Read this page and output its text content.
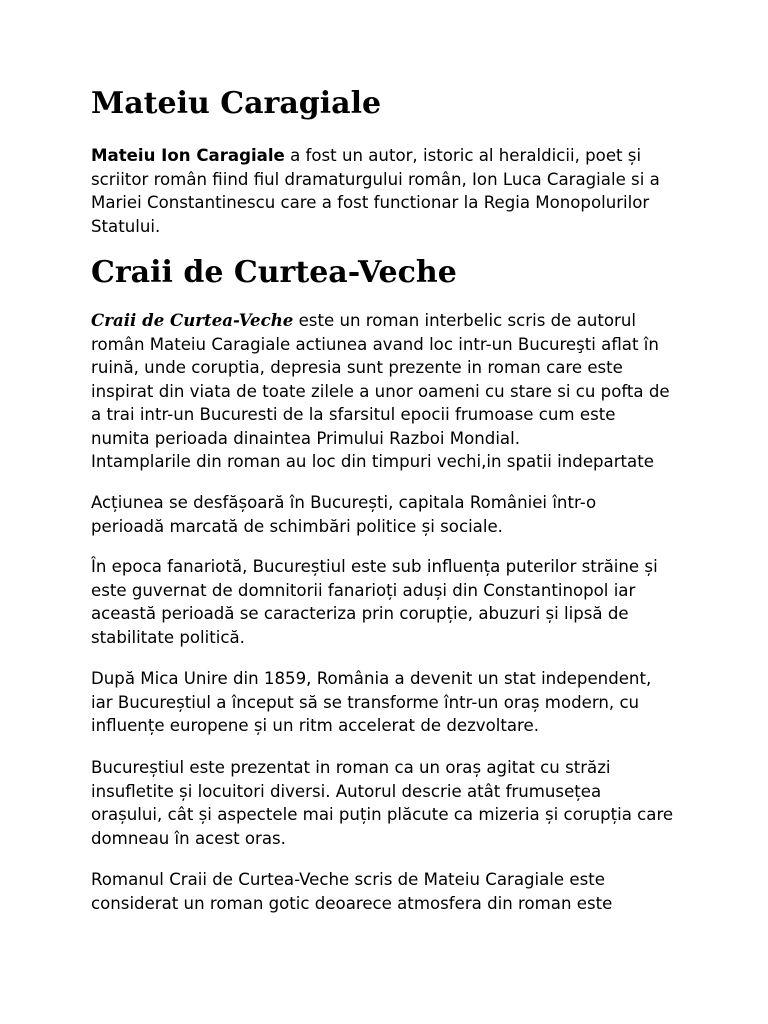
Mateiu Caragiale

Mateiu Ion Caragiale a fost un autor, istoric al heraldicii, poet și
scriitor român fiind fiul dramaturgului român, Ion Luca Caragiale si a
Mariei Constantinescu care a fost functionar la Regia Monopolurilor
Statului.

Craii de Curtea-Veche

Craii de Curtea-Veche este un roman interbelic scris de autorul
român Mateiu Caragiale actiunea avand loc intr-un Bucureşti aflat în
ruină, unde coruptia, depresia sunt prezente in roman care este
inspirat din viata de toate zilele a unor oameni cu stare si cu pofta de
a trai intr-un Bucuresti de la sfarsitul epocii frumoase cum este
numita perioada dinaintea Primului Razboi Mondial.
Intamplarile din roman au loc din timpuri vechi,in spatii indepartate

Acțiunea se desfășoară în București, capitala României într-o
perioadă marcată de schimbări politice și sociale.

În epoca fanariotă, Bucureștiul este sub influența puterilor străine și
este guvernat de domnitorii fanarioți aduși din Constantinopol iar
această perioadă se caracteriza prin corupție, abuzuri și lipsă de
stabilitate politică.

După Mica Unire din 1859, România a devenit un stat independent,
iar Bucureștiul a început să se transforme într-un oraș modern, cu
influențe europene și un ritm accelerat de dezvoltare.

Bucureștiul este prezentat in roman ca un oraș agitat cu străzi
insufletite și locuitori diversi. Autorul descrie atât frumusețea
orașului, cât și aspectele mai puțin plăcute ca mizeria și corupția care
domneau în acest oras.

Romanul Craii de Curtea-Veche scris de Mateiu Caragiale este
considerat un roman gotic deoarece atmosfera din roman este
